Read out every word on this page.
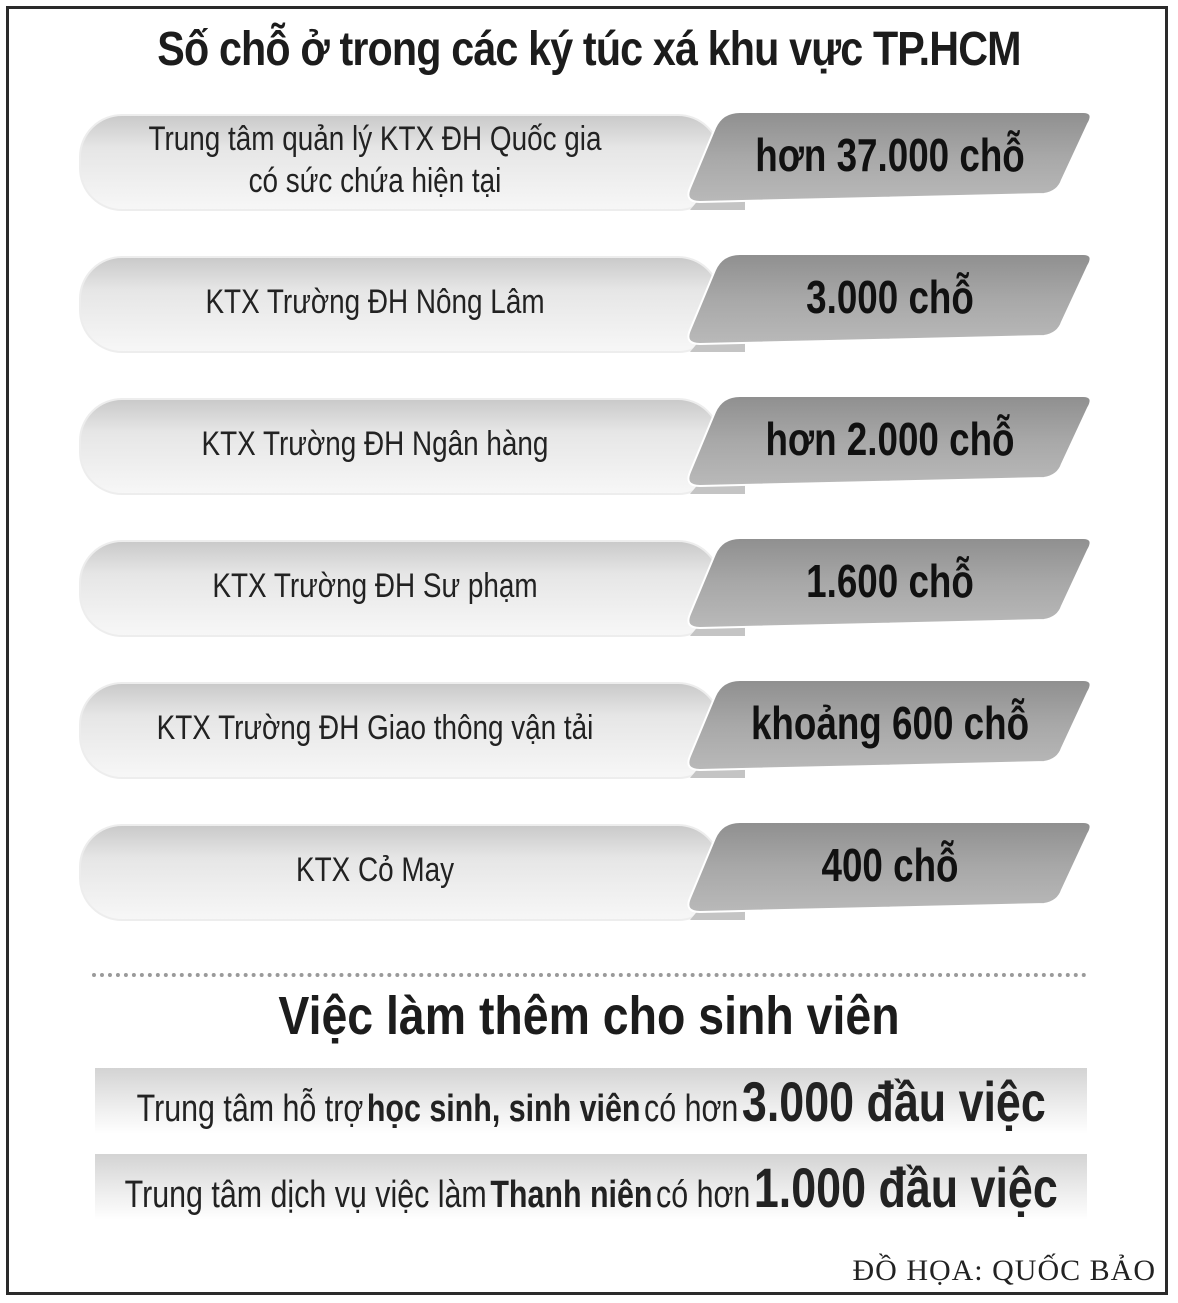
Số chỗ ở trong các ký túc xá khu vực TP.HCM
Trung tâm quản lý KTX ĐH Quốc gia
có sức chứa hiện tại	hơn 37.000 chỗ
KTX Trường ĐH Nông Lâm	3.000 chỗ
KTX Trường ĐH Ngân hàng	hơn 2.000 chỗ
KTX Trường ĐH Sư phạm	1.600 chỗ
KTX Trường ĐH Giao thông vận tải	khoảng 600 chỗ
KTX Cỏ May	400 chỗ
Việc làm thêm cho sinh viên
Trung tâm hỗ trợ học sinh, sinh viên có hơn 3.000 đầu việc
Trung tâm dịch vụ việc làm Thanh niên có hơn 1.000 đầu việc
ĐỒ HỌA: QUỐC BẢO
